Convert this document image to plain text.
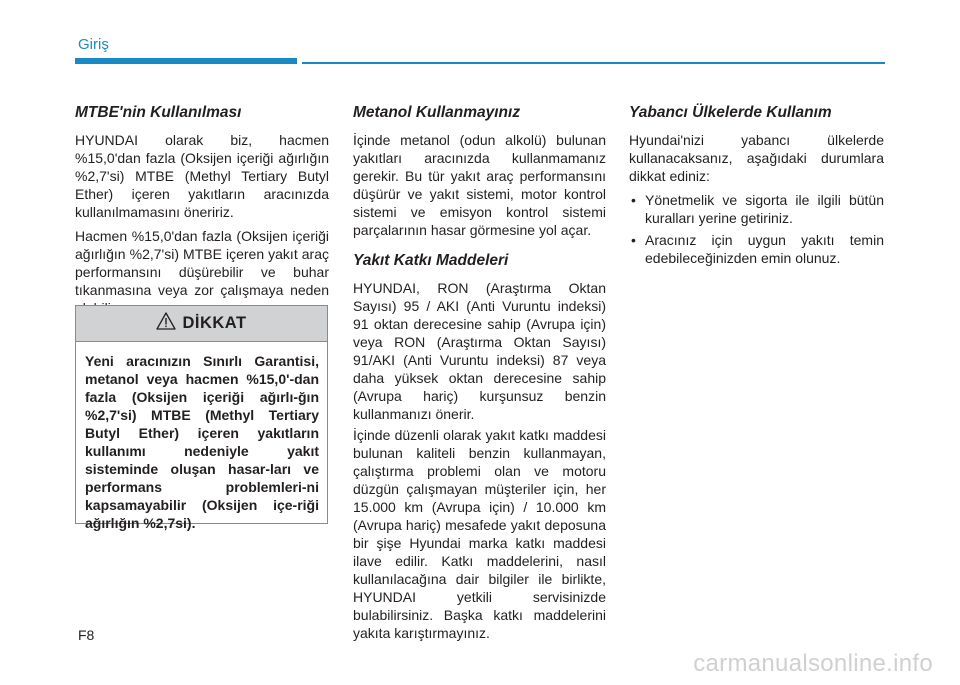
Giriş
MTBE'nin Kullanılması

HYUNDAI olarak biz, hacmen %15,0'dan fazla (Oksijen içeriği ağırlığın %2,7'si) MTBE (Methyl Tertiary Butyl Ether) içeren yakıtların aracınızda kullanılmamasını öneririz.

Hacmen %15,0'dan fazla (Oksijen içeriği ağırlığın %2,7'si) MTBE içeren yakıt araç performansını düşürebilir ve buhar tıkanmasına veya zor çalışmaya neden

DİKKAT
Yeni aracınızın Sınırlı Garantisi, metanol veya hacmen %15,0'-dan fazla (Oksijen içeriği ağırlı-ğın %2,7'si) MTBE (Methyl Tertiary Butyl Ether) içeren yakıtların kullanımı nedeniyle yakıt sisteminde oluşan hasar-ları ve performans problemleri-ni kapsamayabilir (Oksijen içe-riği ağırlığın %2,7si).
Metanol Kullanmayınız

İçinde metanol (odun alkolü) bulunan yakıtları aracınızda kullanmamanız gerekir. Bu tür yakıt araç performansını düşürür ve yakıt sistemi, motor kontrol sistemi ve emisyon kontrol sistemi parçalarının hasar görmesine yol açar.

Yakıt Katkı Maddeleri

HYUNDAI, RON (Araştırma Oktan Sayısı) 95 / AKI (Anti Vuruntu indeksi) 91 oktan derecesine sahip (Avrupa için) veya RON (Araştırma Oktan Sayısı) 91/AKI (Anti Vuruntu indeksi) 87 veya daha yüksek oktan derecesine sahip (Avrupa hariç) kurşunsuz benzin kullanmanızı önerir.

İçinde düzenli olarak yakıt katkı maddesi bulunan kaliteli benzin kullanmayan, çalıştırma problemi olan ve motoru düzgün çalışmayan müşteriler için, her 15.000 km (Avrupa için) / 10.000 km (Avrupa hariç) mesafede yakıt deposuna bir şişe Hyundai marka katkı maddesi ilave edilir. Katkı maddelerini, nasıl kullanılacağına dair bilgiler ile birlikte, HYUNDAI yetkili servisinizde bulabilirsiniz. Başka katkı maddelerini yakıta karıştırmayınız.

Yabancı Ülkelerde Kullanım

Hyundai'nizi yabancı ülkelerde kullanacaksanız, aşağıdaki durumlara dikkat ediniz:

• Yönetmelik ve sigorta ile ilgili bütün kuralları yerine getiriniz.
• Aracınız için uygun yakıtı temin edebileceğinizden emin olunuz.
F8
carmanualsonline.info
